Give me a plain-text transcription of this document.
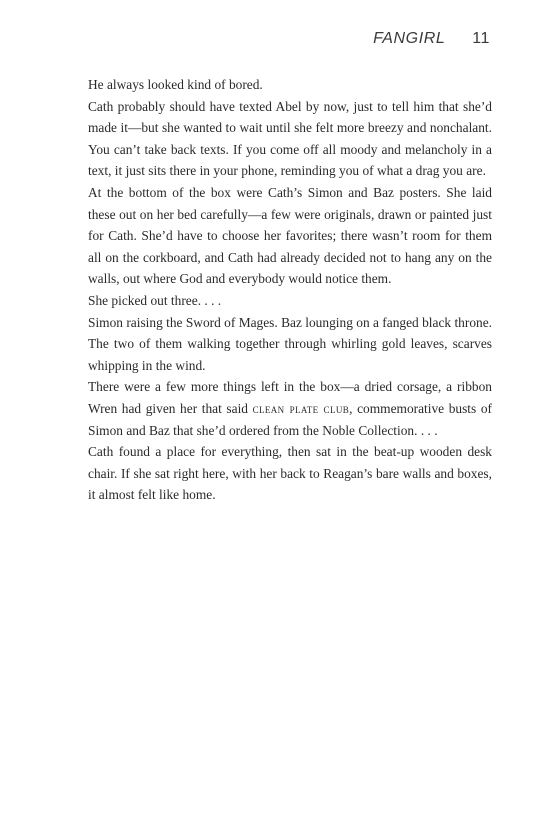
FANGIRL 11

He always looked kind of bored.

Cath probably should have texted Abel by now, just to tell him that she’d made it—but she wanted to wait until she felt more breezy and nonchalant. You can’t take back texts. If you come off all moody and melancholy in a text, it just sits there in your phone, reminding you of what a drag you are.

At the bottom of the box were Cath’s Simon and Baz posters. She laid these out on her bed carefully—a few were originals, drawn or painted just for Cath. She’d have to choose her favorites; there wasn’t room for them all on the corkboard, and Cath had already decided not to hang any on the walls, out where God and everybody would notice them.

She picked out three. . . .

Simon raising the Sword of Mages. Baz lounging on a fanged black throne. The two of them walking together through whirling gold leaves, scarves whipping in the wind.

There were a few more things left in the box—a dried corsage, a ribbon Wren had given her that said clean plate club, commemorative busts of Simon and Baz that she’d ordered from the Noble Collection. . . .

Cath found a place for everything, then sat in the beat-up wooden desk chair. If she sat right here, with her back to Reagan’s bare walls and boxes, it almost felt like home.
